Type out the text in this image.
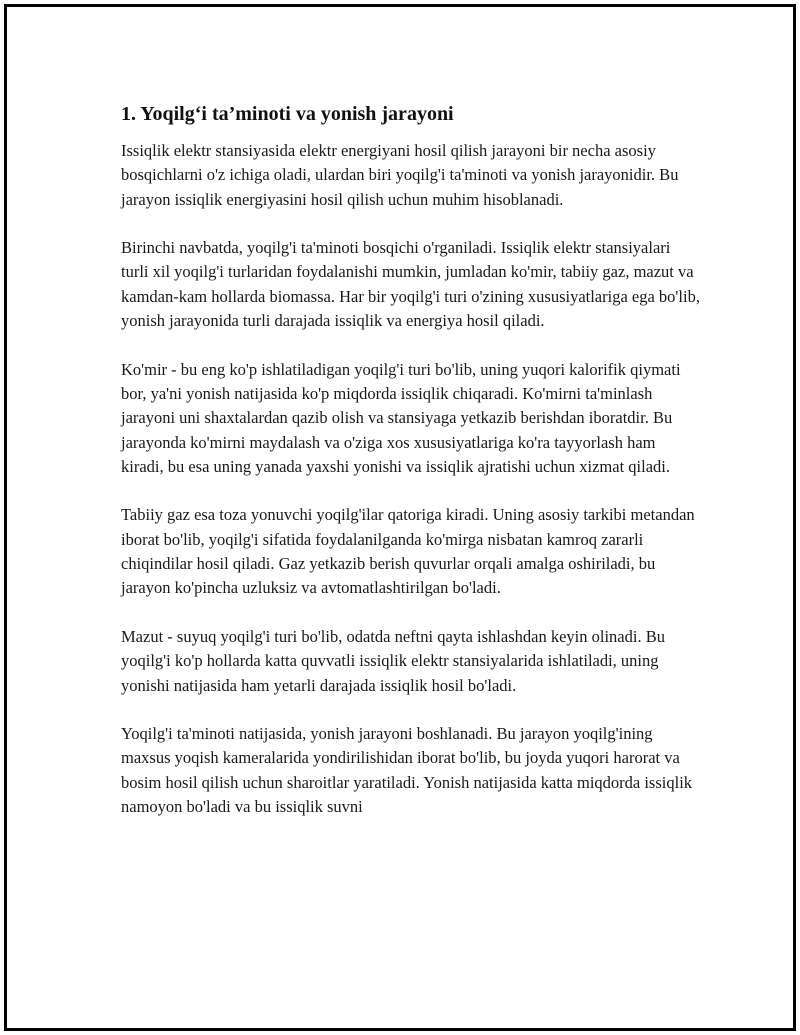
1. Yoqilg‘i ta’minoti va yonish jarayoni

Issiqlik elektr stansiyasida elektr energiyani hosil qilish jarayoni bir necha asosiy bosqichlarni o'z ichiga oladi, ulardan biri yoqilg'i ta'minoti va yonish jarayonidir. Bu jarayon issiqlik energiyasini hosil qilish uchun muhim hisoblanadi.

Birinchi navbatda, yoqilg'i ta'minoti bosqichi o'rganiladi. Issiqlik elektr stansiyalari turli xil yoqilg'i turlaridan foydalanishi mumkin, jumladan ko'mir, tabiiy gaz, mazut va kamdan-kam hollarda biomassa. Har bir yoqilg'i turi o'zining xususiyatlariga ega bo'lib, yonish jarayonida turli darajada issiqlik va energiya hosil qiladi.

Ko'mir - bu eng ko'p ishlatiladigan yoqilg'i turi bo'lib, uning yuqori kalorifik qiymati bor, ya'ni yonish natijasida ko'p miqdorda issiqlik chiqaradi. Ko'mirni ta'minlash jarayoni uni shaxtalardan qazib olish va stansiyaga yetkazib berishdan iboratdir. Bu jarayonda ko'mirni maydalash va o'ziga xos xususiyatlariga ko'ra tayyorlash ham kiradi, bu esa uning yanada yaxshi yonishi va issiqlik ajratishi uchun xizmat qiladi.

Tabiiy gaz esa toza yonuvchi yoqilg'ilar qatoriga kiradi. Uning asosiy tarkibi metandan iborat bo'lib, yoqilg'i sifatida foydalanilganda ko'mirga nisbatan kamroq zararli chiqindilar hosil qiladi. Gaz yetkazib berish quvurlar orqali amalga oshiriladi, bu jarayon ko'pincha uzluksiz va avtomatlashtirilgan bo'ladi.

Mazut - suyuq yoqilg'i turi bo'lib, odatda neftni qayta ishlashdan keyin olinadi. Bu yoqilg'i ko'p hollarda katta quvvatli issiqlik elektr stansiyalarida ishlatiladi, uning yonishi natijasida ham yetarli darajada issiqlik hosil bo'ladi.

Yoqilg'i ta'minoti natijasida, yonish jarayoni boshlanadi. Bu jarayon yoqilg'ining maxsus yoqish kameralarida yondirilishidan iborat bo'lib, bu joyda yuqori harorat va bosim hosil qilish uchun sharoitlar yaratiladi. Yonish natijasida katta miqdorda issiqlik namoyon bo'ladi va bu issiqlik suvni
